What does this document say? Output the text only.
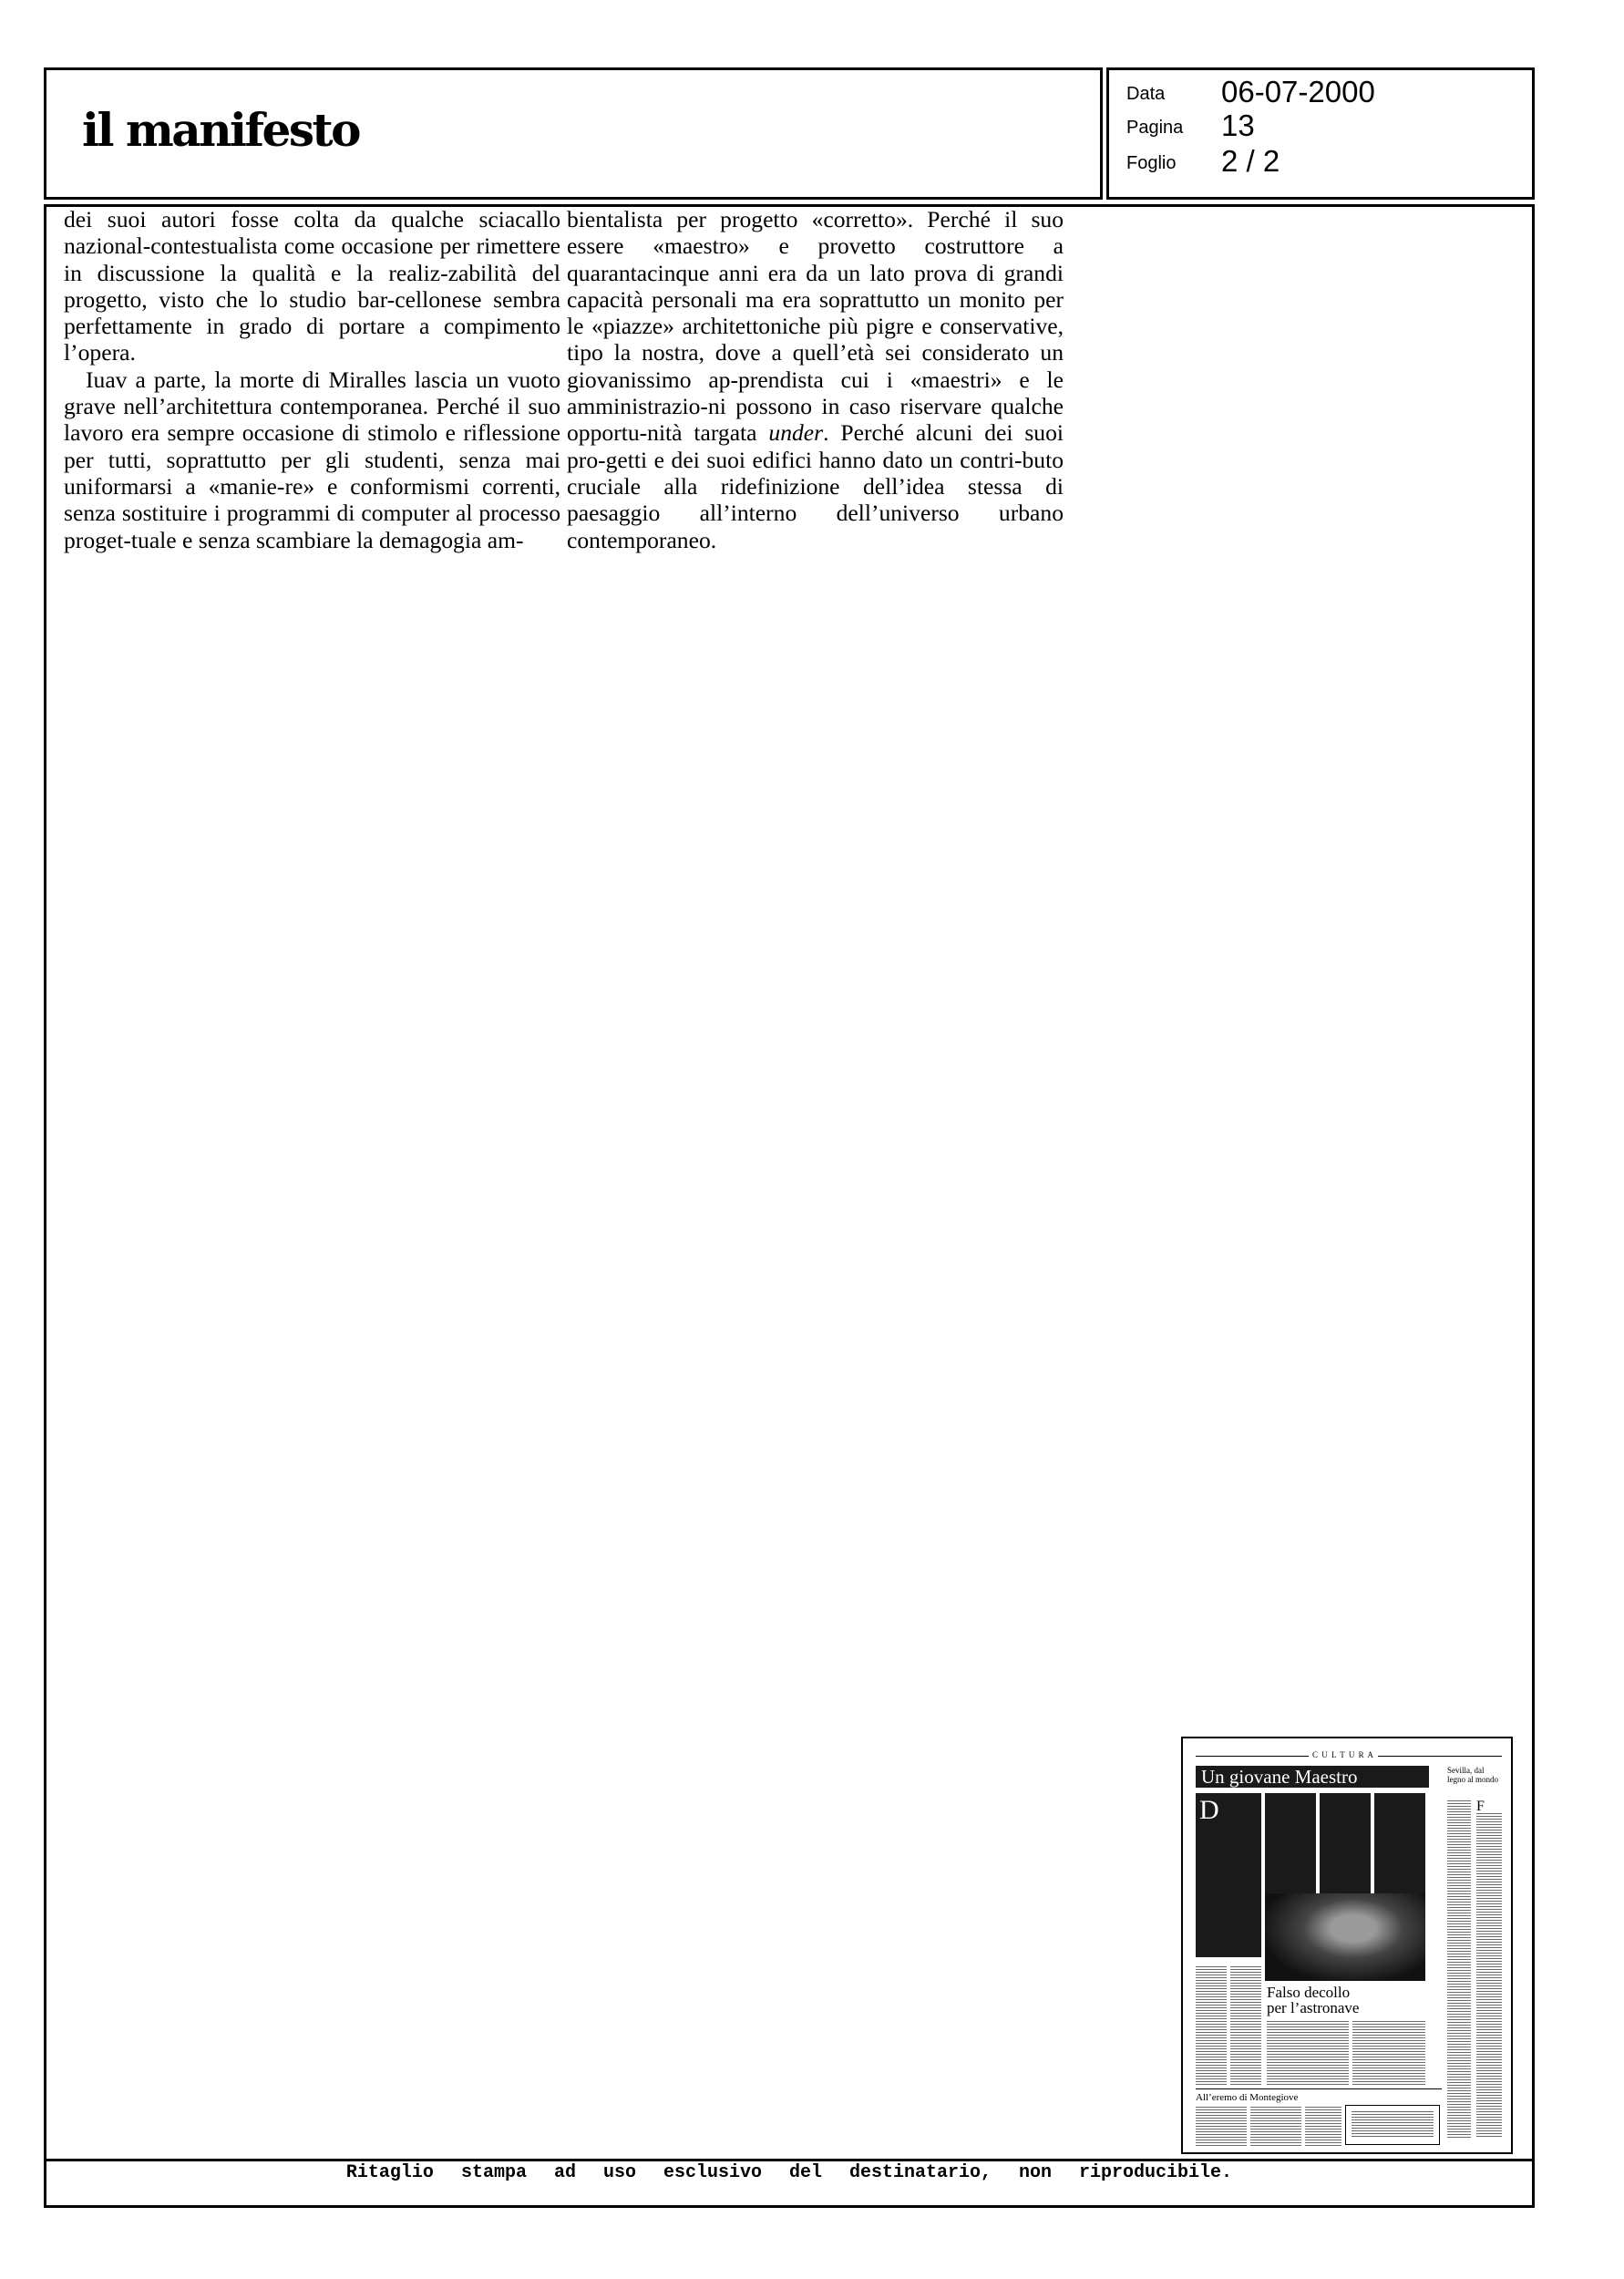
il manifesto
Data 06-07-2000
Pagina 13
Foglio 2 / 2

dei suoi autori fosse colta da qualche sciacallo nazional-contestualista come occasione per rimettere in discussione la qualità e la realiz-zabilità del progetto, visto che lo studio bar-cellonese sembra perfettamente in grado di portare a compimento l’opera.

Iuav a parte, la morte di Miralles lascia un vuoto grave nell’architettura contemporanea. Perché il suo lavoro era sempre occasione di stimolo e riflessione per tutti, soprattutto per gli studenti, senza mai uniformarsi a «manie-re» e conformismi correnti, senza sostituire i programmi di computer al processo proget-tuale e senza scambiare la demagogia am-

bientalista per progetto «corretto». Perché il suo essere «maestro» e provetto costruttore a quarantacinque anni era da un lato prova di grandi capacità personali ma era soprattutto un monito per le «piazze» architettoniche più pigre e conservative, tipo la nostra, dove a quell’età sei considerato un giovanissimo ap-prendista cui i «maestri» e le amministrazio-ni possono in caso riservare qualche opportu-nità targata under. Perché alcuni dei suoi pro-getti e dei suoi edifici hanno dato un contri-buto cruciale alla ridefinizione dell’idea stessa di paesaggio all’interno dell’universo urbano contemporaneo.

Ritaglio stampa ad uso esclusivo del destinatario, non riproducibile.
C U L T U R A
Un giovane Maestro	Sevilla, dal legno al mondo
D	F
Falso decollo
per l’astronave
All’eremo di Montegiove
